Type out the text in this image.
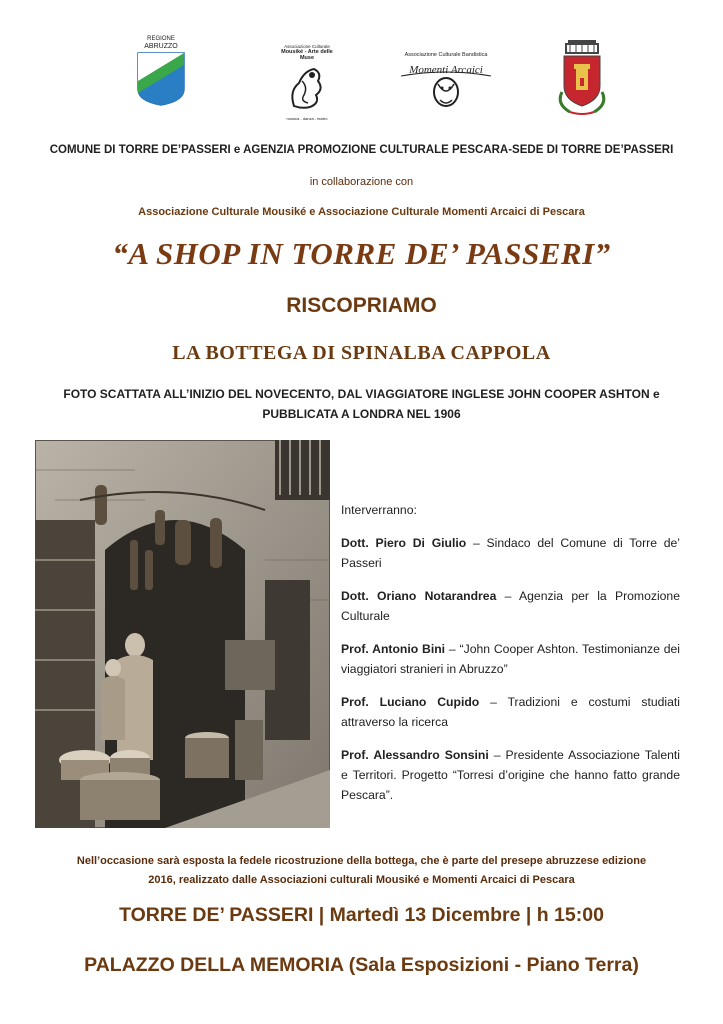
REGIONE
ABRUZZO	Associazione Culturale
Mousiké - Arte delle Muse
musica - danza - teatro
Associazione Culturale Bandistica
Momenti Arcaici
COMUNE DI TORRE DE’PASSERI e AGENZIA PROMOZIONE CULTURALE PESCARA-SEDE DI TORRE DE’PASSERI
in collaborazione con
Associazione Culturale Mousiké e Associazione Culturale Momenti Arcaici di Pescara
“A SHOP IN TORRE DE’ PASSERI”
RISCOPRIAMO
LA BOTTEGA DI SPINALBA CAPPOLA
FOTO SCATTATA ALL’INIZIO DEL NOVECENTO, DAL VIAGGIATORE INGLESE JOHN COOPER ASHTON e
PUBBLICATA A LONDRA NEL 1906

Interverranno:

Dott. Piero Di Giulio – Sindaco del Comune di Torre de’ Passeri

Dott. Oriano Notarandrea – Agenzia per la Promozione Culturale

Prof. Antonio Bini – “John Cooper Ashton. Testimonianze dei viaggiatori stranieri in Abruzzo”

Prof. Luciano Cupido – Tradizioni e costumi studiati attraverso la ricerca

Prof. Alessandro Sonsini – Presidente Associazione Talenti e Territori. Progetto “Torresi d’origine che hanno fatto grande Pescara”.

Nell’occasione sarà esposta la fedele ricostruzione della bottega, che è parte del presepe abruzzese edizione
2016, realizzato dalle Associazioni culturali Mousiké e Momenti Arcaici di Pescara
TORRE DE’ PASSERI | Martedì 13 Dicembre | h 15:00
PALAZZO DELLA MEMORIA (Sala Esposizioni - Piano Terra)
